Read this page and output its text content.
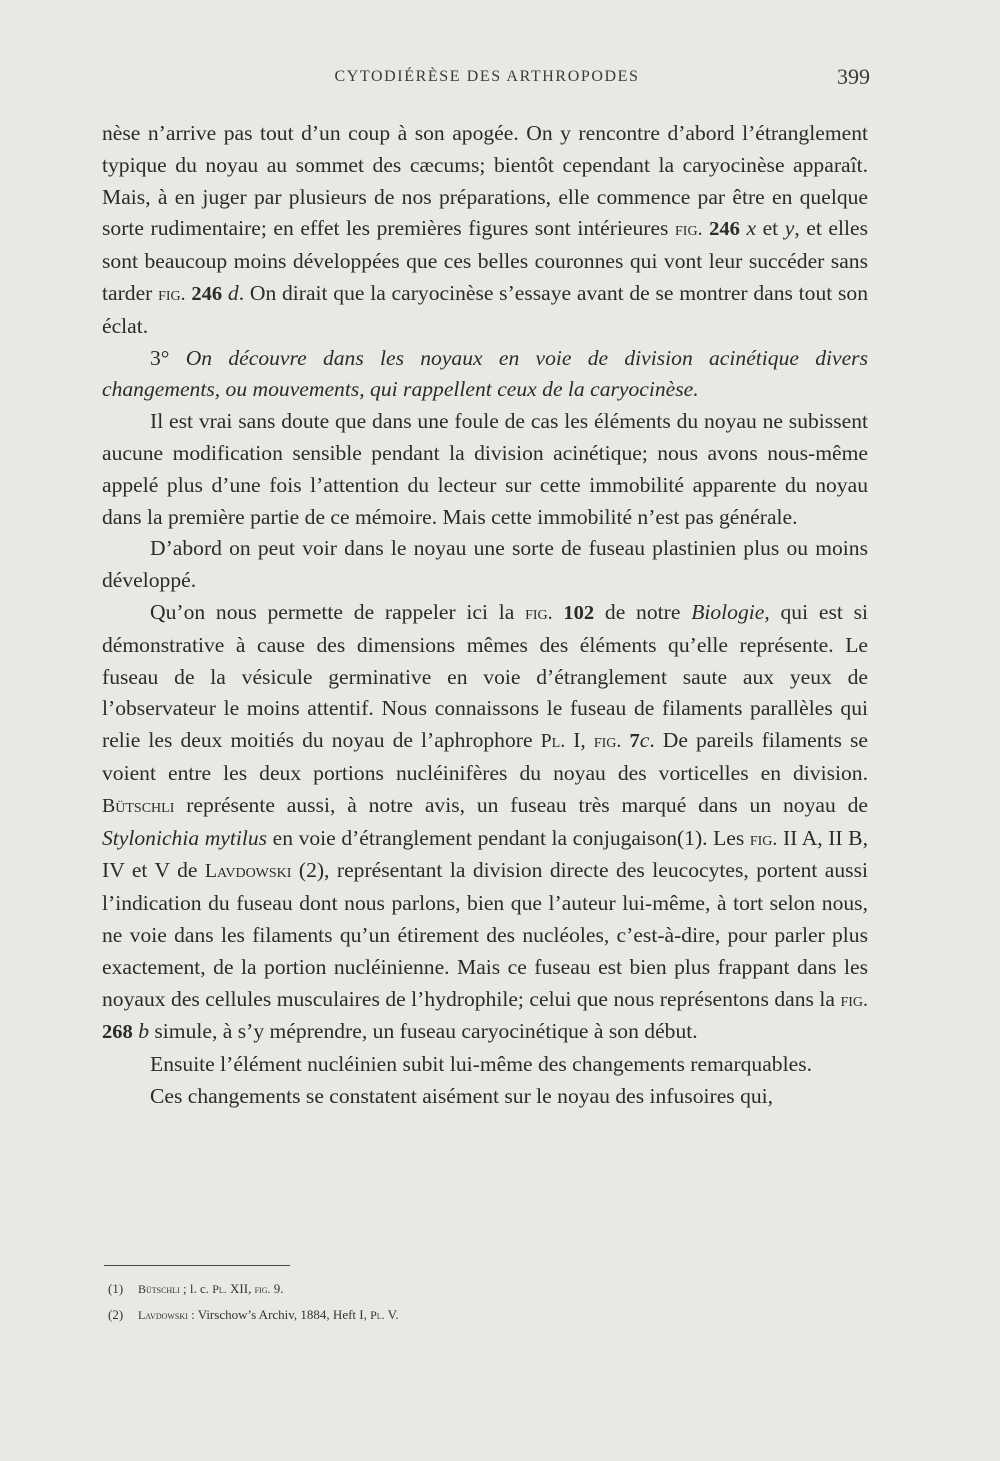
CYTODIÉRÈSE DES ARTHROPODES	399

nèse n’arrive pas tout d’un coup à son apogée. On y rencontre d’abord l’étranglement typique du noyau au sommet des cæcums; bientôt cependant la caryocinèse apparaît. Mais, à en juger par plusieurs de nos préparations, elle commence par être en quelque sorte rudimentaire; en effet les premières figures sont intérieures fig. 246 x et y, et elles sont beaucoup moins développées que ces belles couronnes qui vont leur succéder sans tarder fig. 246 d. On dirait que la caryocinèse s’essaye avant de se montrer dans tout son éclat.

3° On découvre dans les noyaux en voie de division acinétique divers changements, ou mouvements, qui rappellent ceux de la caryocinèse.

Il est vrai sans doute que dans une foule de cas les éléments du noyau ne subissent aucune modification sensible pendant la division acinétique; nous avons nous-même appelé plus d’une fois l’attention du lecteur sur cette immobilité apparente du noyau dans la première partie de ce mémoire. Mais cette immobilité n’est pas générale.

D’abord on peut voir dans le noyau une sorte de fuseau plastinien plus ou moins développé.

Qu’on nous permette de rappeler ici la fig. 102 de notre Biologie, qui est si démonstrative à cause des dimensions mêmes des éléments qu’elle représente. Le fuseau de la vésicule germinative en voie d’étranglement saute aux yeux de l’observateur le moins attentif. Nous connaissons le fuseau de filaments parallèles qui relie les deux moitiés du noyau de l’aphrophore Pl. I, fig. 7c. De pareils filaments se voient entre les deux portions nucléinifères du noyau des vorticelles en division. Bütschli représente aussi, à notre avis, un fuseau très marqué dans un noyau de Stylonichia mytilus en voie d’étranglement pendant la conjugaison(1). Les fig. II A, II B, IV et V de Lavdowski (2), représentant la division directe des leucocytes, portent aussi l’indication du fuseau dont nous parlons, bien que l’auteur lui-même, à tort selon nous, ne voie dans les filaments qu’un étirement des nucléoles, c’est-à-dire, pour parler plus exactement, de la portion nucléinienne. Mais ce fuseau est bien plus frappant dans les noyaux des cellules musculaires de l’hydrophile; celui que nous représentons dans la fig. 268 b simule, à s’y méprendre, un fuseau caryocinétique à son début.

Ensuite l’élément nucléinien subit lui-même des changements remarquables.

Ces changements se constatent aisément sur le noyau des infusoires qui,

(1) Bütschli ; l. c. Pl. XII, fig. 9.
(2) Lavdowski : Virschow’s Archiv, 1884, Heft I, Pl. V.
